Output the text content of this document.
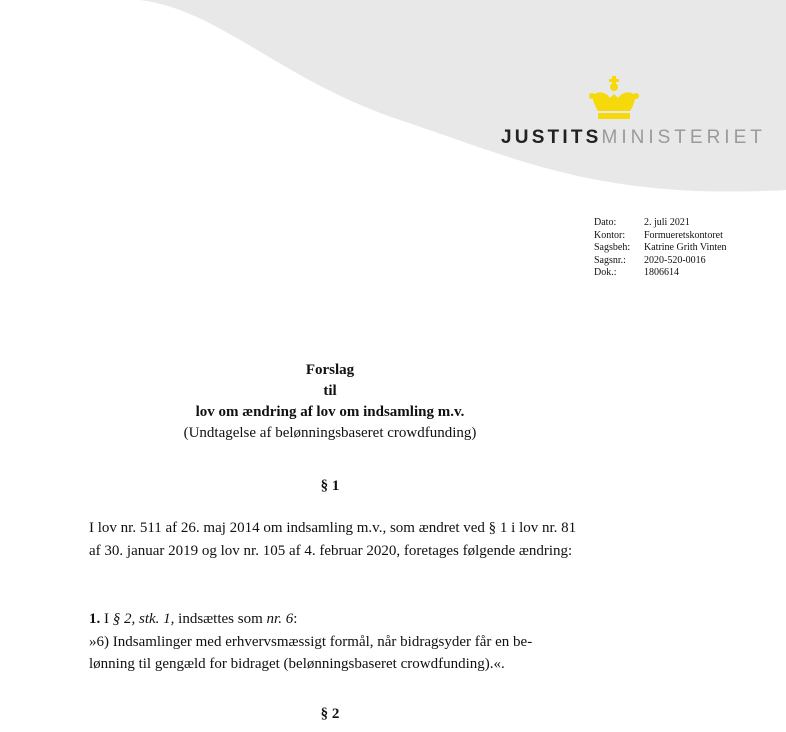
JUSTITSMINISTERIET
Dato:	2. juli 2021
Kontor:	Formueretskontoret
Sagsbeh:	Katrine Grith Vinten
Sagsnr.:	2020-520-0016
Dok.:	1806614
Forslag
til
lov om ændring af lov om indsamling m.v.
(Undtagelse af belønningsbaseret crowdfunding)
§ 1
I lov nr. 511 af 26. maj 2014 om indsamling m.v., som ændret ved § 1 i lov nr. 81 af 30. januar 2019 og lov nr. 105 af 4. februar 2020, foretages følgende ændring:
1. I § 2, stk. 1, indsættes som nr. 6:
»6) Indsamlinger med erhvervsmæssigt formål, når bidragsyder får en be-
lønning til gengæld for bidraget (belønningsbaseret crowdfunding).«.
§ 2
